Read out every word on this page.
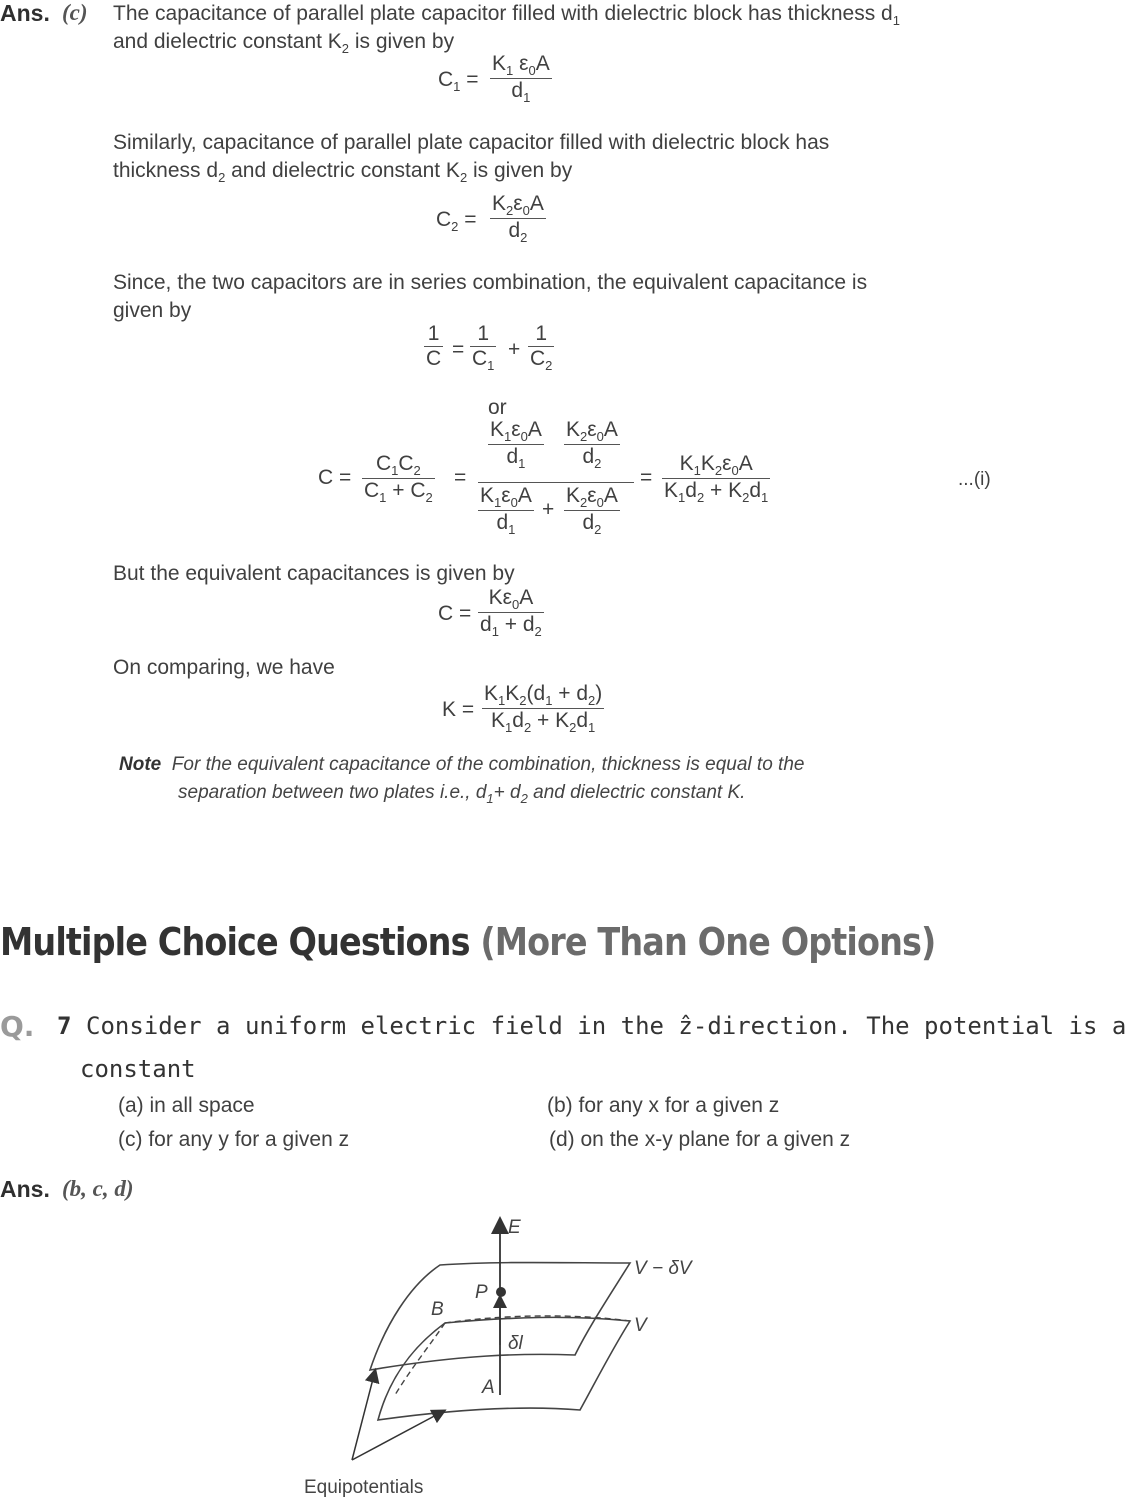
Ans. (c) The capacitance of parallel plate capacitor filled with dielectric block has thickness $d_1$
and dielectric constant $K_2$ is given by
$C_1$ =
$K_1$ $\varepsilon_0A$
$d_1$
Similarly, capacitance of parallel plate capacitor filled with dielectric block has
thickness $d_2$ and dielectric constant $K_2$ is given by
$C_2$ =
$K_2\varepsilon_0A$
$d_2$
Since, the two capacitors are in series combination, the equivalent capacitance is
given by
1
C =
1
$C_1$
+
1
$C_2$
or
C =
$C_1C_2$
$C_1 + C_2$
=
$K_1\varepsilon_0A$
$d_1$
$K_2\varepsilon_0A$
$d_2$
$K_1\varepsilon_0A$
$d_1$
+
$K_2\varepsilon_0A$
$d_2$
=
$K_1K_2\varepsilon_0A$
$K_1d_2 + K_2d_1$
...(i)
But the equivalent capacitances is given by
C =
$K\varepsilon_0A$
$d_1 + d_2$
On comparing, we have
K =
$K_1K_2(d_1 + d_2)$
$K_1d_2 + K_2d_1$
Note For the equivalent capacitance of the combination, thickness is equal to the
separation between two plates i.e., $d_1+ d_2$ and dielectric constant K.
Multiple Choice Questions (More Than One Options)
Q. 7 Consider a uniform electric field in the ẑ-direction. The potential is a
constant
(a) in all space	(b) for any x for a given z
(c) for any y for a given z	(d) on the x-y plane for a given z
Ans. (b, c, d)
E
V − δV
V
P
B
δl
A
Equipotentials
